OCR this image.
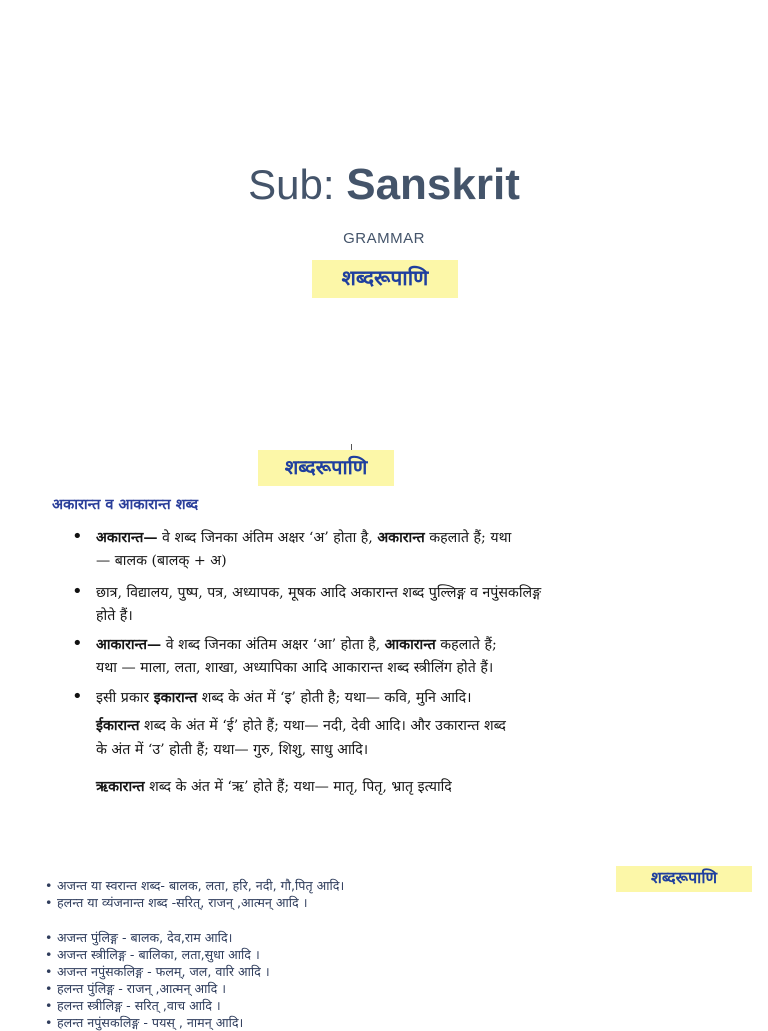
Sub: Sanskrit
GRAMMAR
शब्दरूपाणि
शब्दरूपाणि
अकारान्त व आकारान्त शब्द
• अकारान्त— वे शब्द जिनका अंतिम अक्षर ‘अ’ होता है, अकारान्त कहलाते हैं; यथा
— बालक (बालक् + अ)
• छात्र, विद्यालय, पुष्प, पत्र, अध्यापक, मूषक आदि अकारान्त शब्द पुल्लिङ्ग व नपुंसकलिङ्ग
होते हैं।
• आकारान्त— वे शब्द जिनका अंतिम अक्षर ‘आ’ होता है, आकारान्त कहलाते हैं;
यथा — माला, लता, शाखा, अध्यापिका आदि आकारान्त शब्द स्त्रीलिंग होते हैं।
• इसी प्रकार इकारान्त शब्द के अंत में ‘इ’ होती है; यथा— कवि, मुनि आदि।
ईकारान्त शब्द के अंत में ‘ई’ होते हैं; यथा— नदी, देवी आदि। और उकारान्त शब्द
के अंत में ‘उ’ होती हैं; यथा— गुरु, शिशु, साधु आदि।
ऋकारान्त शब्द के अंत में ‘ऋ’ होते हैं; यथा— मातृ, पितृ, भ्रातृ इत्यादि
शब्दरूपाणि
• अजन्त या स्वरान्त शब्द- बालक, लता, हरि, नदी, गौ,पितृ आदि।
• हलन्त या व्यंजनान्त शब्द -सरित्, राजन् ,आत्मन् आदि ।
• अजन्त पुंलिङ्ग - बालक, देव,राम आदि।
• अजन्त स्त्रीलिङ्ग - बालिका, लता,सुधा आदि ।
• अजन्त नपुंसकलिङ्ग - फलम्, जल, वारि आदि ।
• हलन्त पुंलिङ्ग - राजन् ,आत्मन् आदि ।
• हलन्त स्त्रीलिङ्ग - सरित् ,वाच आदि ।
• हलन्त नपुंसकलिङ्ग - पयस् , नामन् आदि।
